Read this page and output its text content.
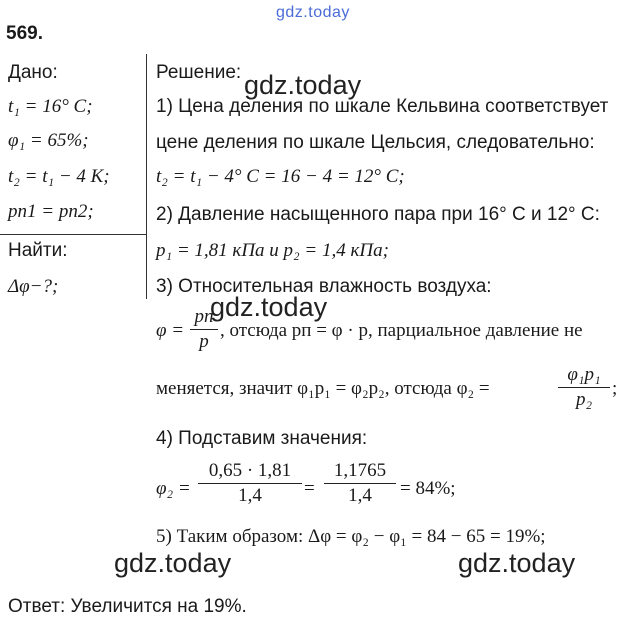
gdz.today
569.
Дано:
t₁ = 16° C;
φ₁ = 65%;
t₂ = t₁ − 4 К;
pп1 = pп2;
Найти:
Δφ−?;
Решение: gdz.today
1) Цена деления по шкале Кельвина соответствует
цене деления по шкале Цельсия, следовательно:
t₂ = t₁ − 4° C = 16 − 4 = 12° C;
2) Давление насыщенного пара при 16° C и 12° C:
p₁ = 1,81 кПа и p₂ = 1,4 кПа;
3) Относительная влажность воздуха:
gdz.today
φ =
pп
p
, отсюда pп = φ · p, парциальное давление не
меняется, значит φ₁p₁ = φ₂p₂, отсюда φ₂ =
φ₁p₁
p₂
;
4) Подставим значения:
φ₂ =
0,65 · 1,81
1,4	=
1,1765
1,4	= 84%;
5) Таким образом: Δφ = φ₂ − φ₁ = 84 − 65 = 19%;
gdz.today	gdz.today
Ответ: Увеличится на 19%.
